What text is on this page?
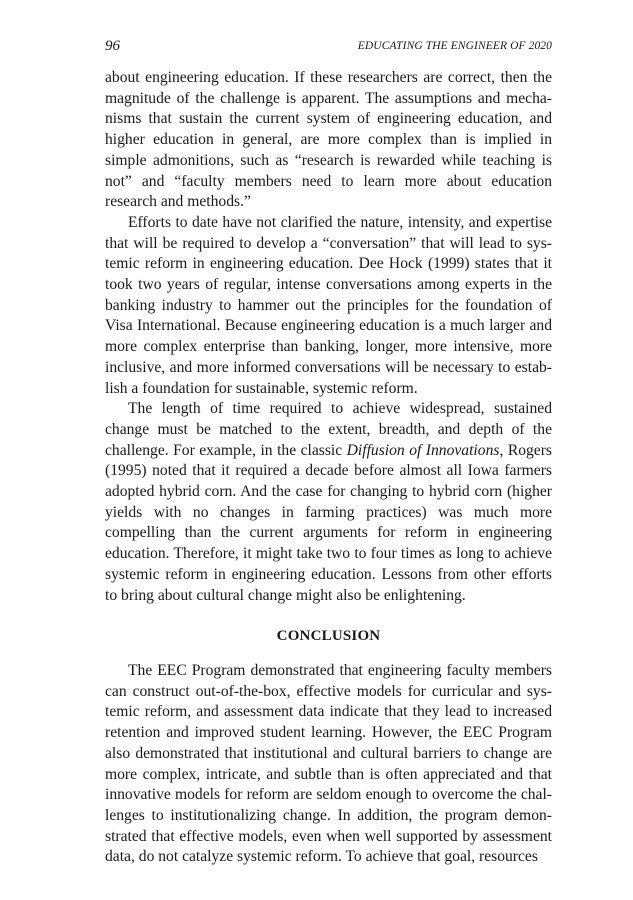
96	EDUCATING THE ENGINEER OF 2020

about engineering education. If these researchers are correct, then the magnitude of the challenge is apparent. The assumptions and mechanisms that sustain the current system of engineering education, and higher education in general, are more complex than is implied in simple admonitions, such as “research is rewarded while teaching is not” and “faculty members need to learn more about education research and methods.”

Efforts to date have not clarified the nature, intensity, and expertise that will be required to develop a “conversation” that will lead to systemic reform in engineering education. Dee Hock (1999) states that it took two years of regular, intense conversations among experts in the banking industry to hammer out the principles for the foundation of Visa International. Because engineering education is a much larger and more complex enterprise than banking, longer, more intensive, more inclusive, and more informed conversations will be necessary to establish a foundation for sustainable, systemic reform.

The length of time required to achieve widespread, sustained change must be matched to the extent, breadth, and depth of the challenge. For example, in the classic Diffusion of Innovations, Rogers (1995) noted that it required a decade before almost all Iowa farmers adopted hybrid corn. And the case for changing to hybrid corn (higher yields with no changes in farming practices) was much more compelling than the current arguments for reform in engineering education. Therefore, it might take two to four times as long to achieve systemic reform in engineering education. Lessons from other efforts to bring about cultural change might also be enlightening.

CONCLUSION

The EEC Program demonstrated that engineering faculty members can construct out-of-the-box, effective models for curricular and systemic reform, and assessment data indicate that they lead to increased retention and improved student learning. However, the EEC Program also demonstrated that institutional and cultural barriers to change are more complex, intricate, and subtle than is often appreciated and that innovative models for reform are seldom enough to overcome the challenges to institutionalizing change. In addition, the program demonstrated that effective models, even when well supported by assessment data, do not catalyze systemic reform. To achieve that goal, resources
